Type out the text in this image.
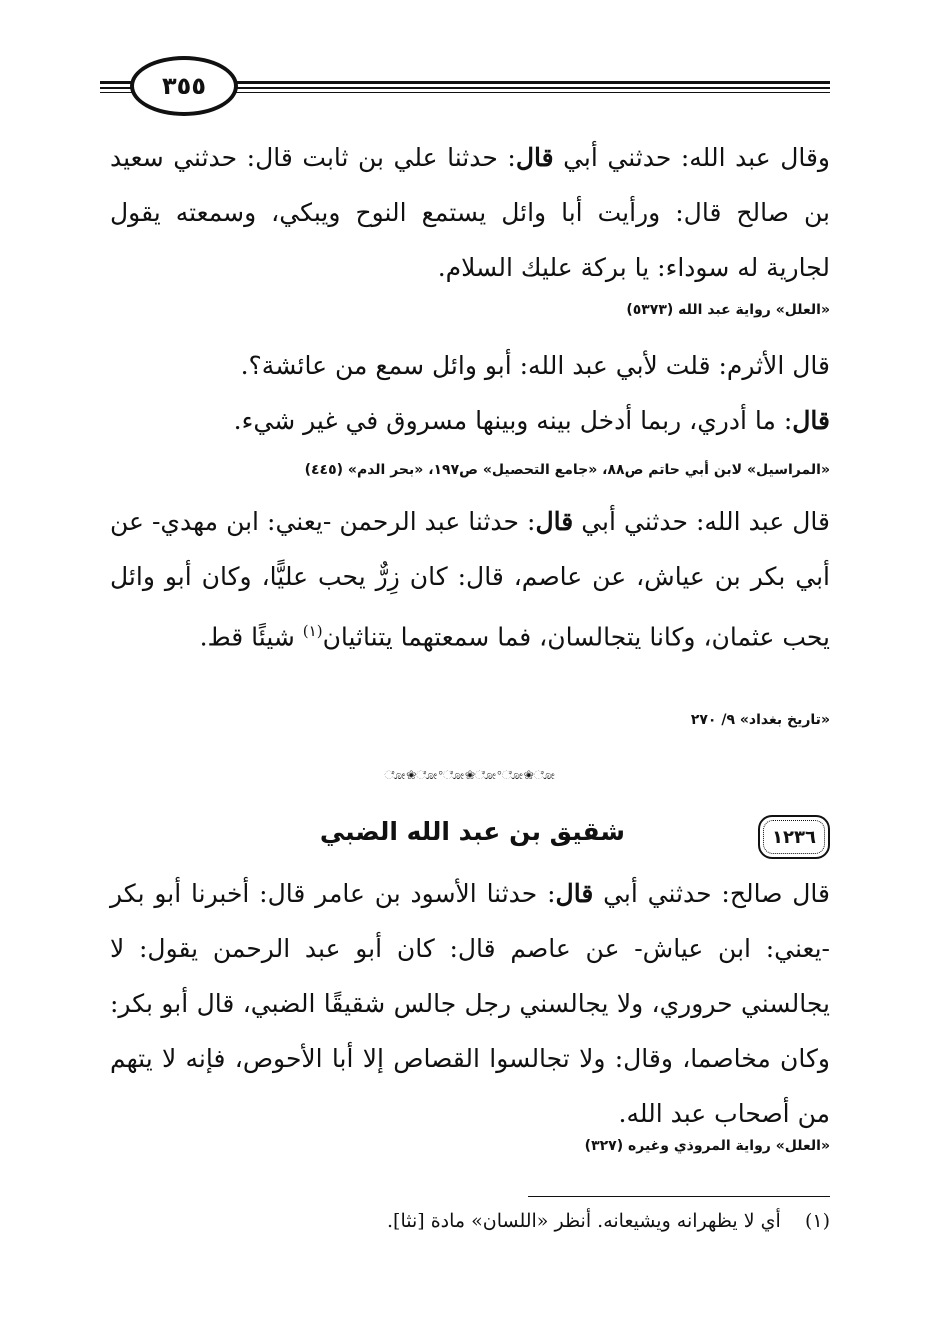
٣٥٥

وقال عبد الله: حدثني أبي قال: حدثنا علي بن ثابت قال: حدثني سعيد بن صالح قال: ورأيت أبا وائل يستمع النوح ويبكي، وسمعته يقول لجارية له سوداء: يا بركة عليك السلام.

«العلل» رواية عبد الله (٥٣٧٣)

قال الأثرم: قلت لأبي عبد الله: أبو وائل سمع من عائشة؟.

قال: ما أدري، ربما أدخل بينه وبينها مسروق في غير شيء.

«المراسيل» لابن أبي حاتم ص٨٨، «جامع التحصيل» ص١٩٧، «بحر الدم» (٤٤٥)

قال عبد الله: حدثني أبي قال: حدثنا عبد الرحمن -يعني: ابن مهدي- عن أبي بكر بن عياش، عن عاصم، قال: كان زِرٌّ يحب عليًّا، وكان أبو وائل يحب عثمان، وكانا يتجالسان، فما سمعتهما يتناثيان$^{(١)}$ شيئًا قط.

«تاريخ بغداد» ٩/ ٢٧٠
ೋ❀ೋ°ೋ❀ೋ°ೋ❀ೋ
١٢٣٦
شقيق بن عبد الله الضبي

قال صالح: حدثني أبي قال: حدثنا الأسود بن عامر قال: أخبرنا أبو بكر -يعني: ابن عياش- عن عاصم قال: كان أبو عبد الرحمن يقول: لا يجالسني حروري، ولا يجالسني رجل جالس شقيقًا الضبي، قال أبو بكر: وكان مخاصما، وقال: ولا تجالسوا القصاص إلا أبا الأحوص، فإنه لا يتهم من أصحاب عبد الله.

«العلل» رواية المروذي وغيره (٣٢٧)
(١)    أي لا يظهرانه ويشيعانه. أنظر «اللسان» مادة [نثا].
